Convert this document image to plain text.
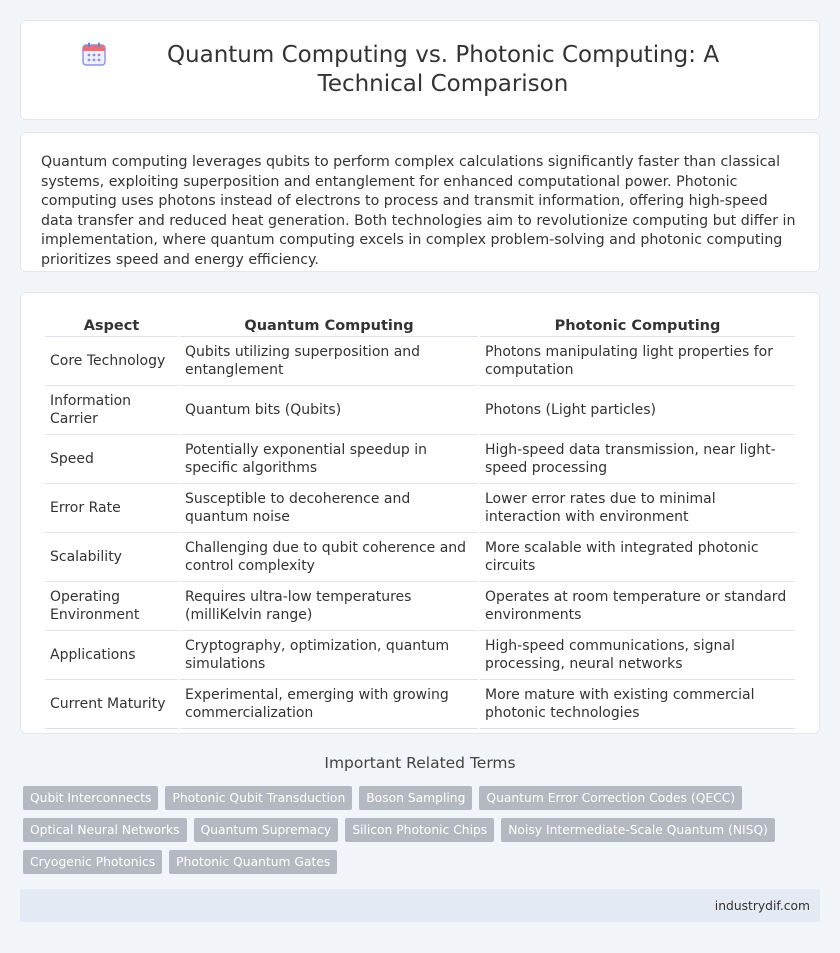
Quantum Computing vs. Photonic Computing: A Technical Comparison

Quantum computing leverages qubits to perform complex calculations significantly faster than classical systems, exploiting superposition and entanglement for enhanced computational power. Photonic computing uses photons instead of electrons to process and transmit information, offering high-speed data transfer and reduced heat generation. Both technologies aim to revolutionize computing but differ in implementation, where quantum computing excels in complex problem-solving and photonic computing prioritizes speed and energy efficiency.

Aspect	Quantum Computing	Photonic Computing
Core Technology	Qubits utilizing superposition and entanglement	Photons manipulating light properties for computation
Information Carrier	Quantum bits (Qubits)	Photons (Light particles)
Speed	Potentially exponential speedup in specific algorithms	High-speed data transmission, near light-speed processing
Error Rate	Susceptible to decoherence and quantum noise	Lower error rates due to minimal interaction with environment
Scalability	Challenging due to qubit coherence and control complexity	More scalable with integrated photonic circuits
Operating Environment	Requires ultra-low temperatures (milliKelvin range)	Operates at room temperature or standard environments
Applications	Cryptography, optimization, quantum simulations	High-speed communications, signal processing, neural networks
Current Maturity	Experimental, emerging with growing commercialization	More mature with existing commercial photonic technologies
Important Related Terms
Qubit Interconnects	Photonic Qubit Transduction	Boson Sampling	Quantum Error Correction Codes (QECC)
Optical Neural Networks	Quantum Supremacy	Silicon Photonic Chips	Noisy Intermediate-Scale Quantum (NISQ)
Cryogenic Photonics	Photonic Quantum Gates
industrydif.com
